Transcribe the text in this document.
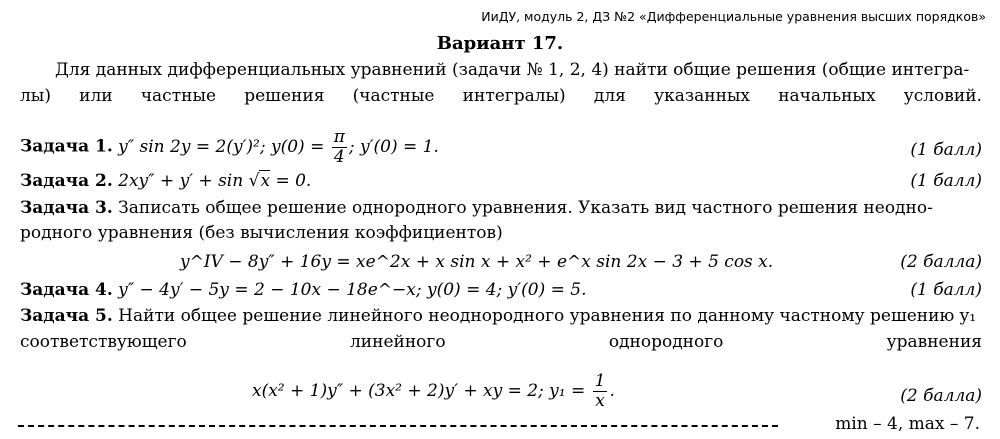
ИиДУ, модуль 2, ДЗ №2 «Дифференциальные уравнения высших порядков»
Вариант 17.
Для данных дифференциальных уравнений (задачи № 1, 2, 4) найти общие решения (общие интегра-
лы) или частные решения (частные интегралы) для указанных начальных условий.
Задача 1. y″ sin 2y = 2(y′)²; $y(0) = \frac{\pi}{4}$ ; y′(0) = 1.	(1 балл)
Задача 2. 2xy″ + y′ + sin √x = 0.	(1 балл)
Задача 3. Записать общее решение однородного уравнения. Указать вид частного решения неодно-
родного уравнения (без вычисления коэффициентов)
y^IV − 8y″ + 16y = xe^2x + x sin x + x² + e^x sin 2x − 3 + 5 cos x.	(2 балла)
Задача 4. y″ − 4y′ − 5y = 2 − 10x − 18e^−x; y(0) = 4; y′(0) = 5.	(1 балл)
Задача 5. Найти общее решение линейного неоднородного уравнения по данному частному решению y₁
соответствующего	линейного	однородного	уравнения
x(x² + 1)y″ + (3x² + 2)y′ + xy = 2; $y_1 = \frac{1}{x}$ .	(2 балла)
min – 4, max – 7.
